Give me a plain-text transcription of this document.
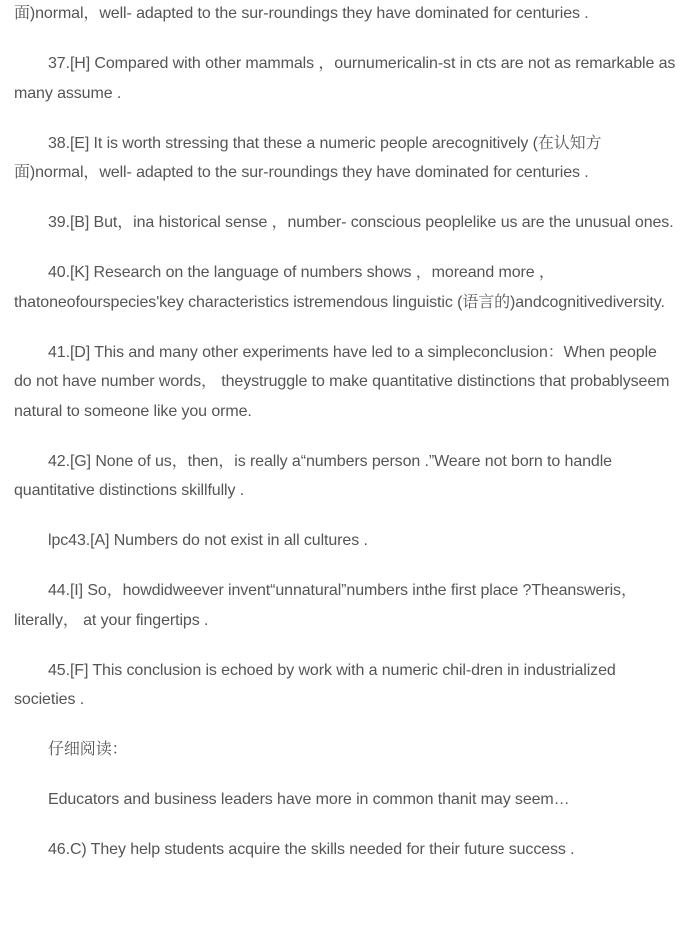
面)normal，well- adapted to the sur-roundings they have dominated for centuries .

37.[H] Compared with other mammals ，ournumericalin-st in cts are not as remarkable as many assume .

38.[E] It is worth stressing that these a numeric people arecognitively (在认知方面)normal，well- adapted to the sur-roundings they have dominated for centuries .

39.[B] But，ina historical sense ，number- conscious peoplelike us are the unusual ones.

40.[K] Research on the language of numbers shows ，moreand more ，thatoneofourspecies'key characteristics istremendous linguistic (语言的)andcognitivediversity.

41.[D] This and many other experiments have led to a simpleconclusion：When people do not have number words， theystruggle to make quantitative distinctions that probablyseem natural to someone like you orme.

42.[G] None of us，then，is really a“numbers person .”Weare not born to handle quantitative distinctions skillfully .

lpc43.[A] Numbers do not exist in all cultures .

44.[I] So，howdidweever invent“unnatural”numbers inthe first place ?Theansweris，literally， at your fingertips .

45.[F] This conclusion is echoed by work with a numeric chil-dren in industrialized societies .

仔细阅读：

Educators and business leaders have more in common thanit may seem…

46.C) They help students acquire the skills needed for their future success .
